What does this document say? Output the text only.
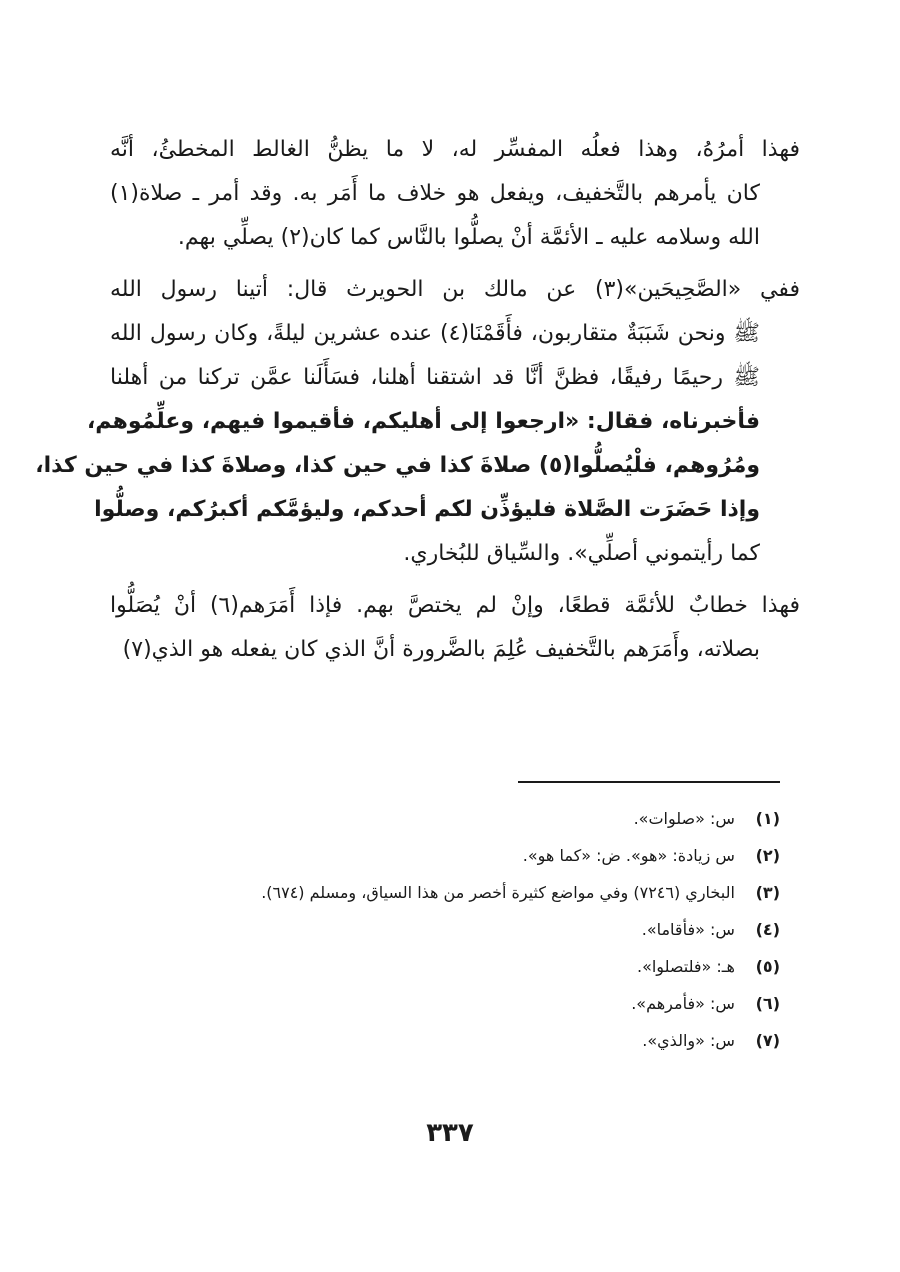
فهذا أمرُهُ، وهذا فعلُه المفسِّر له، لا ما يظنُّ الغالط المخطئُ، أنَّه
كان يأمرهم بالتَّخفيف، ويفعل هو خلاف ما أَمَر به. وقد أمر ـ صلاة(١)
الله وسلامه عليه ـ الأئمَّة أنْ يصلُّوا بالنَّاس كما كان(٢) يصلِّي بهم.
ففي «الصَّحِيحَين»(٣) عن مالك بن الحويرث قال: أتينا رسول الله
ﷺ ونحن شَبَبَةٌ متقاربون، فأَقَمْنَا(٤) عنده عشرين ليلةً، وكان رسول الله
ﷺ رحيمًا رفيقًا، فظنَّ أنَّا قد اشتقنا أهلنا، فسَأَلَنا عمَّن تركنا من أهلنا
فأخبرناه، فقال: «ارجعوا إلى أهليكم، فأقيموا فيهم، وعلِّمُوهم،
ومُرُوهم، فلْيُصلُّوا(٥) صلاةَ كذا في حين كذا، وصلاةَ كذا في حين كذا،
وإذا حَضَرَت الصَّلاة فليؤذِّن لكم أحدكم، وليؤمَّكم أكبرُكم، وصلُّوا
كما رأيتموني أصلِّي». والسِّياق للبُخاري.
فهذا خطابٌ للأئمَّة قطعًا، وإنْ لم يختصَّ بهم. فإذا أَمَرَهم(٦) أنْ يُصَلُّوا
بصلاته، وأَمَرَهم بالتَّخفيف عُلِمَ بالضَّرورة أنَّ الذي كان يفعله هو الذي(٧)
(١) س: «صلوات».
(٢) س زيادة: «هو». ض: «كما هو».
(٣) البخاري (٧٢٤٦) وفي مواضع كثيرة أخصر من هذا السياق، ومسلم (٦٧٤).
(٤) س: «فأقاما».
(٥) هـ: «فلتصلوا».
(٦) س: «فأمرهم».
(٧) س: «والذي».
٣٣٧
